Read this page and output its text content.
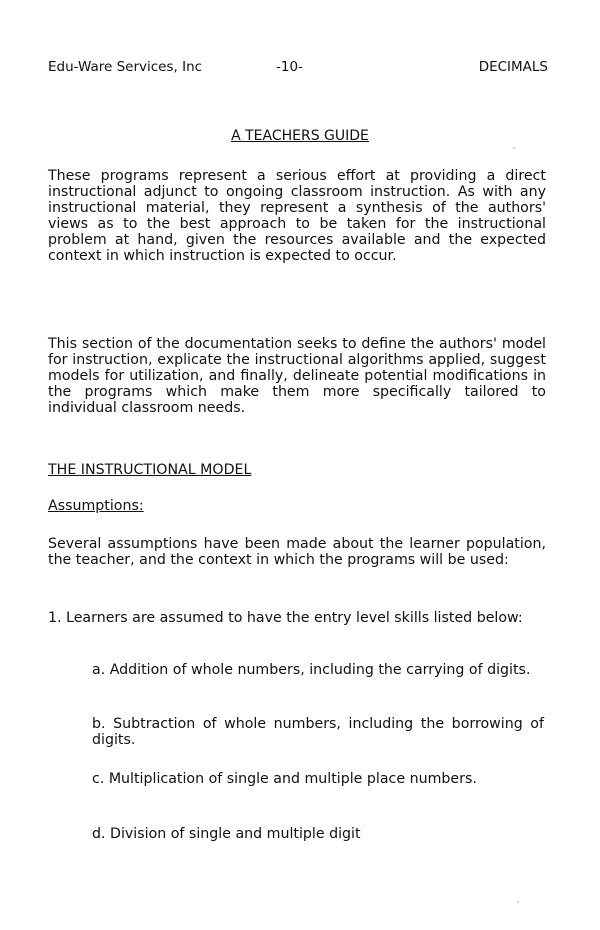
Edu-Ware Services, Inc	-10-	DECIMALS
A TEACHERS GUIDE

These programs represent a serious effort at providing a direct instructional adjunct to ongoing classroom instruction. As with any instructional material, they represent a synthesis of the authors' views as to the best approach to be taken for the instructional problem at hand, given the resources available and the expected context in which instruction is expected to occur.

This section of the documentation seeks to define the authors' model for instruction, explicate the instructional algorithms applied, suggest models for utilization, and finally, delineate potential modifications in the programs which make them more specifically tailored to individual classroom needs.

THE INSTRUCTIONAL MODEL

Assumptions:

Several assumptions have been made about the learner population, the teacher, and the context in which the programs will be used:

1. Learners are assumed to have the entry level skills listed below:

a. Addition of whole numbers, including the carrying of digits.

b. Subtraction of whole numbers, including the borrowing of digits.

c. Multiplication of single and multiple place numbers.

d. Division of single and multiple digit
